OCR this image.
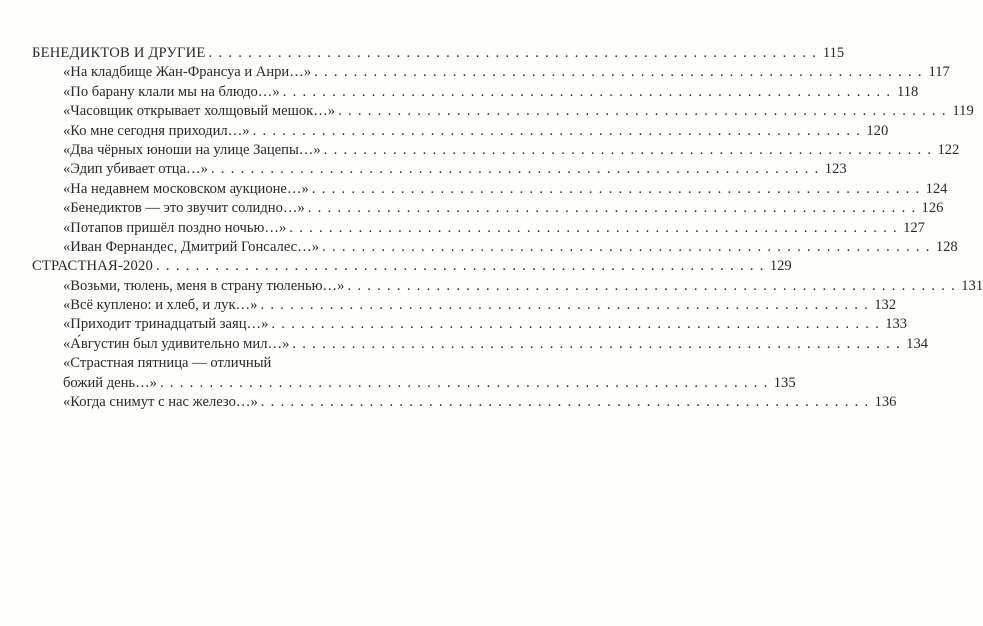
БЕНЕДИКТОВ И ДРУГИЕ . . .	115
«На кладбище Жан-Франсуа и Анри…» . . .	117
«По барану клали мы на блюдо…» . . .	118
«Часовщик открывает холщовый мешок…» . . .	119
«Ко мне сегодня приходил…» . . .	120
«Два чёрных юноши на улице Зацепы…» . . .	122
«Эдип убивает отца…» . . .	123
«На недавнем московском аукционе…» . . .	124
«Бенедиктов — это звучит солидно…» . . .	126
«Потапов пришёл поздно ночью…» . . .	127
«Иван Фернандес, Дмитрий Гонсалес…» . . .	128
СТРАСТНАЯ-2020 . . .	129
«Возьми, тюлень, меня в страну тюленью…» . . .	131
«Всё куплено: и хлеб, и лук…» . . .	132
«Приходит тринадцатый заяц…» . . .	133
«А́вгустин был удивительно мил…» . . .	134
«Страстная пятница — отличный
божий день…» . . .	135
«Когда снимут с нас железо…» . . .	136
